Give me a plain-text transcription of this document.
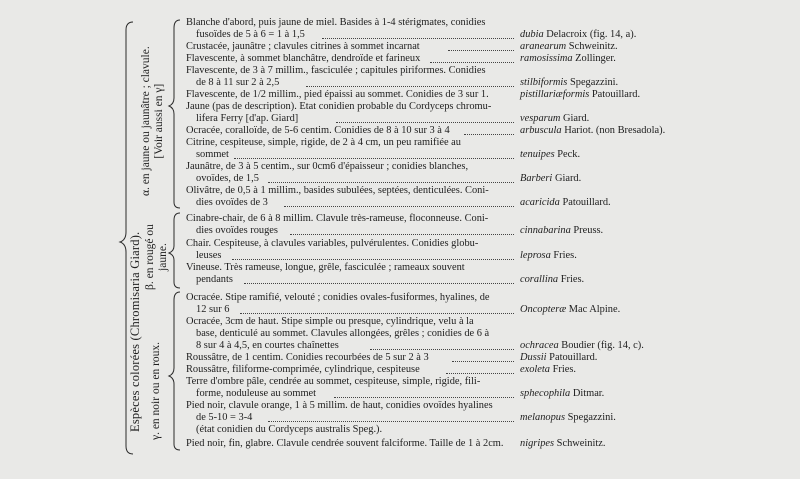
Espèces colorées (Chromisaria Giard).
α. en jaune ou jaunâtre ; clavule. [Voir aussi en γ]
β. en rougé ou jaune.
γ. en noir ou en roux.
Blanche d'abord, puis jaune de miel. Basides à 1-4 stérigmates, conidies
fusoïdes de 5 à 6 = 1 à 1,5	dubia Delacroix (fig. 14, a).
Crustacée, jaunâtre ; clavules citrines à sommet incarnat	aranearum Schweinitz.
Flavescente, à sommet blanchâtre, dendroïde et farineux	ramosissima Zollinger.
Flavescente, de 3 à 7 millim., fasciculée ; capitules piriformes. Conidies
de 8 à 11 sur 2 à 2,5	stilbiformis Spegazzini.
Flavescente, de 1/2 millim., pied épaissi au sommet. Conidies de 3 sur 1.	pistillariæformis Patouillard.
Jaune (pas de description). Etat conidien probable du Cordyceps chromu-
lifera Ferry [d'ap. Giard]	vesparum Giard.
Ocracée, coralloïde, de 5-6 centim. Conidies de 8 à 10 sur 3 à 4	arbuscula Hariot. (non Bresadola).
Citrine, cespiteuse, simple, rigide, de 2 à 4 cm, un peu ramifiée au
sommet	tenuipes Peck.
Jaunâtre, de 3 à 5 centim., sur 0cm6 d'épaisseur ; conidies blanches,
ovoïdes, de 1,5	Barberi Giard.
Olivâtre, de 0,5 à 1 millim., basides subulées, septées, denticulées. Coni-
dies ovoïdes de 3	acaricida Patouillard.
Cinabre-chair, de 6 à 8 millim. Clavule très-rameuse, floconneuse. Coni-
dies ovoïdes rouges	cinnabarina Preuss.
Chair. Cespiteuse, à clavules variables, pulvérulentes. Conidies globu-
leuses	leprosa Fries.
Vineuse. Très rameuse, longue, grêle, fasciculée ; rameaux souvent
pendants	corallina Fries.
Ocracée. Stipe ramifié, velouté ; conidies ovales-fusiformes, hyalines, de
12 sur 6	Oncopteræ Mac Alpine.
Ocracée, 3cm de haut. Stipe simple ou presque, cylindrique, velu à la
base, denticulé au sommet. Clavules allongées, grêles ; conidies de 6 à
8 sur 4 à 4,5, en courtes chaînettes	ochracea Boudier (fig. 14, c).
Roussâtre, de 1 centim. Conidies recourbées de 5 sur 2 à 3	Dussii Patouillard.
Roussâtre, filiforme-comprimée, cylindrique, cespiteuse	exoleta Fries.
Terre d'ombre pâle, cendrée au sommet, cespiteuse, simple, rigide, fili-
forme, noduleuse au sommet	sphecophila Ditmar.
Pied noir, clavule orange, 1 à 5 millim. de haut, conidies ovoïdes hyalines
de 5-10 = 3-4	melanopus Spegazzini.
(état conidien du Cordyceps australis Speg.).
Pied noir, fin, glabre. Clavule cendrée souvent falciforme. Taille de 1 à 2cm. nigripes Schweinitz.
